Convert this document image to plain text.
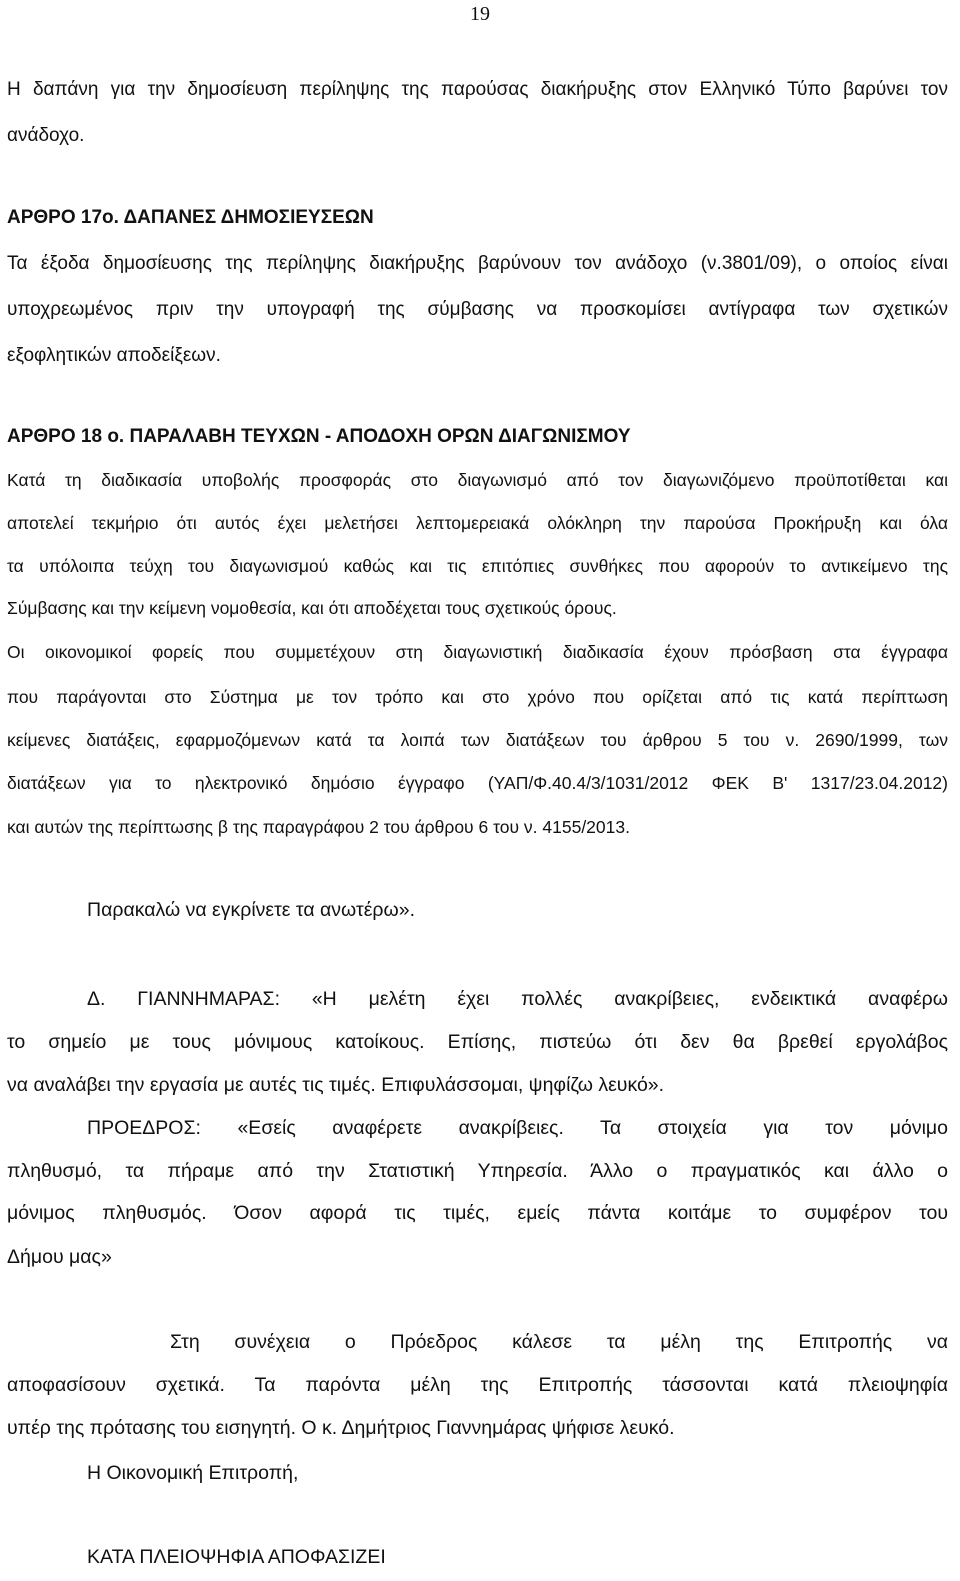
19
Η δαπάνη για την δημοσίευση περίληψης της παρούσας διακήρυξης στον Ελληνικό Τύπο βαρύνει τον
ανάδοχο.
ΑΡΘΡΟ 17ο. ΔΑΠΑΝΕΣ ΔΗΜΟΣΙΕΥΣΕΩΝ
Τα έξοδα δημοσίευσης της περίληψης διακήρυξης βαρύνουν τον ανάδοχο (ν.3801/09), ο οποίος είναι
υποχρεωμένος πριν την υπογραφή της σύμβασης να προσκομίσει αντίγραφα των σχετικών
εξοφλητικών αποδείξεων.
ΑΡΘΡΟ 18 ο. ΠΑΡΑΛΑΒΗ ΤΕΥΧΩΝ - ΑΠΟΔΟΧΗ ΟΡΩΝ ΔΙΑΓΩΝΙΣΜΟΥ
Κατά τη διαδικασία υποβολής προσφοράς στο διαγωνισμό από τον διαγωνιζόμενο προϋποτίθεται και
αποτελεί τεκμήριο ότι αυτός έχει μελετήσει λεπτομερειακά ολόκληρη την παρούσα Προκήρυξη και όλα
τα υπόλοιπα τεύχη του διαγωνισμού καθώς και τις επιτόπιες συνθήκες που αφορούν το αντικείμενο της
Σύμβασης και την κείμενη νομοθεσία, και ότι αποδέχεται τους σχετικούς όρους.
Οι οικονομικοί φορείς που συμμετέχουν στη διαγωνιστική διαδικασία έχουν πρόσβαση στα έγγραφα
που παράγονται στο Σύστημα με τον τρόπο και στο χρόνο που ορίζεται από τις κατά περίπτωση
κείμενες διατάξεις, εφαρμοζόμενων κατά τα λοιπά των διατάξεων του άρθρου 5 του ν. 2690/1999, των
διατάξεων για το ηλεκτρονικό δημόσιο έγγραφο (ΥΑΠ/Φ.40.4/3/1031/2012 ΦΕΚ Β' 1317/23.04.2012)
και αυτών της περίπτωσης β της παραγράφου 2 του άρθρου 6 του ν. 4155/2013.
Παρακαλώ να εγκρίνετε τα ανωτέρω».
Δ. ΓΙΑΝΝΗΜΑΡΑΣ: «Η μελέτη έχει πολλές ανακρίβειες, ενδεικτικά αναφέρω
το σημείο με τους μόνιμους κατοίκους. Επίσης, πιστεύω ότι δεν θα βρεθεί εργολάβος
να αναλάβει την εργασία με αυτές τις τιμές. Επιφυλάσσομαι, ψηφίζω λευκό».
ΠΡΟΕΔΡΟΣ: «Εσείς αναφέρετε ανακρίβειες. Τα στοιχεία για τον μόνιμο
πληθυσμό, τα πήραμε από την Στατιστική Υπηρεσία. Άλλο ο πραγματικός και άλλο ο
μόνιμος πληθυσμός. Όσον αφορά τις τιμές, εμείς πάντα κοιτάμε το συμφέρον του
Δήμου μας»
Στη συνέχεια ο Πρόεδρος κάλεσε τα μέλη της Επιτροπής να
αποφασίσουν σχετικά. Τα παρόντα μέλη της Επιτροπής τάσσονται κατά πλειοψηφία
υπέρ της πρότασης του εισηγητή. Ο κ. Δημήτριος Γιαννημάρας ψήφισε λευκό.
Η Οικονομική Επιτροπή,
ΚΑΤΑ ΠΛΕΙΟΨΗΦΙΑ ΑΠΟΦΑΣΙΖΕΙ
